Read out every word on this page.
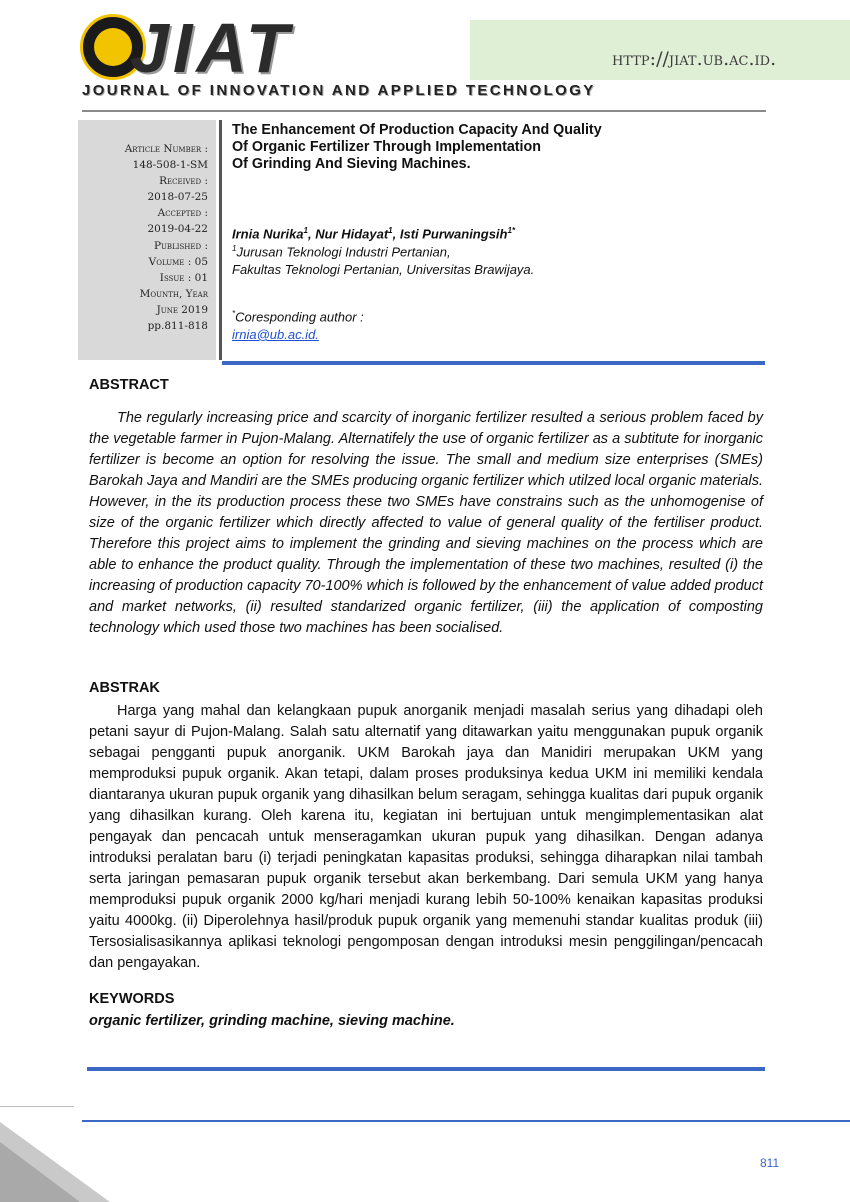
JIAT	http://jiat.ub.ac.id.
JOURNAL OF INNOVATION AND APPLIED TECHNOLOGY
Article Number :
148-508-1-SM
Received :
2018-07-25
Accepted :
2019-04-22
Published :
Volume : 05
Issue : 01
Mounth, Year
June 2019
pp.811-818
The Enhancement Of Production Capacity And Quality
Of Organic Fertilizer Through Implementation
Of Grinding And Sieving Machines.
Irnia Nurika$^1$, Nur Hidayat$^1$, Isti Purwaningsih$^{1*}$
$^1$Jurusan Teknologi Industri Pertanian,
Fakultas Teknologi Pertanian, Universitas Brawijaya.
*Coresponding author :
irnia@ub.ac.id.
ABSTRACT
The regularly increasing price and scarcity of inorganic fertilizer resulted a serious problem faced by the vegetable farmer in Pujon-Malang. Alternatifely the use of organic fertilizer as a subtitute for inorganic fertilizer is become an option for resolving the issue. The small and medium size enterprises (SMEs) Barokah Jaya and Mandiri are the SMEs producing organic fertilizer which utilzed local organic materials. However, in the its production process these two SMEs have constrains such as the unhomogenise of size of the organic fertilizer which directly affected to value of general quality of the fertiliser product. Therefore this project aims to implement the grinding and sieving machines on the process which are able to enhance the product quality. Through the implementation of these two machines, resulted (i) the increasing of production capacity 70-100% which is followed by the enhancement of value added product and market networks, (ii) resulted standarized organic fertilizer, (iii) the application of composting technology which used those two machines has been socialised.
ABSTRAK
Harga yang mahal dan kelangkaan pupuk anorganik menjadi masalah serius yang dihadapi oleh petani sayur di Pujon-Malang. Salah satu alternatif yang ditawarkan yaitu menggunakan pupuk organik sebagai pengganti pupuk anorganik. UKM Barokah jaya dan Manidiri merupakan UKM yang memproduksi pupuk organik. Akan tetapi, dalam proses produksinya kedua UKM ini memiliki kendala diantaranya ukuran pupuk organik yang dihasilkan belum seragam, sehingga kualitas dari pupuk organik yang dihasilkan kurang. Oleh karena itu, kegiatan ini bertujuan untuk mengimplementasikan alat pengayak dan pencacah untuk menseragamkan ukuran pupuk yang dihasilkan. Dengan adanya introduksi peralatan baru (i) terjadi peningkatan kapasitas produksi, sehingga diharapkan nilai tambah serta jaringan pemasaran pupuk organik tersebut akan berkembang. Dari semula UKM yang hanya memproduksi pupuk organik 2000 kg/hari menjadi kurang lebih 50-100% kenaikan kapasitas produksi yaitu 4000kg. (ii) Diperolehnya hasil/produk pupuk organik yang memenuhi standar kualitas produk (iii) Tersosialisasikannya aplikasi teknologi pengomposan dengan introduksi mesin penggilingan/pencacah dan pengayakan.
KEYWORDS
organic fertilizer, grinding machine, sieving machine.
811
